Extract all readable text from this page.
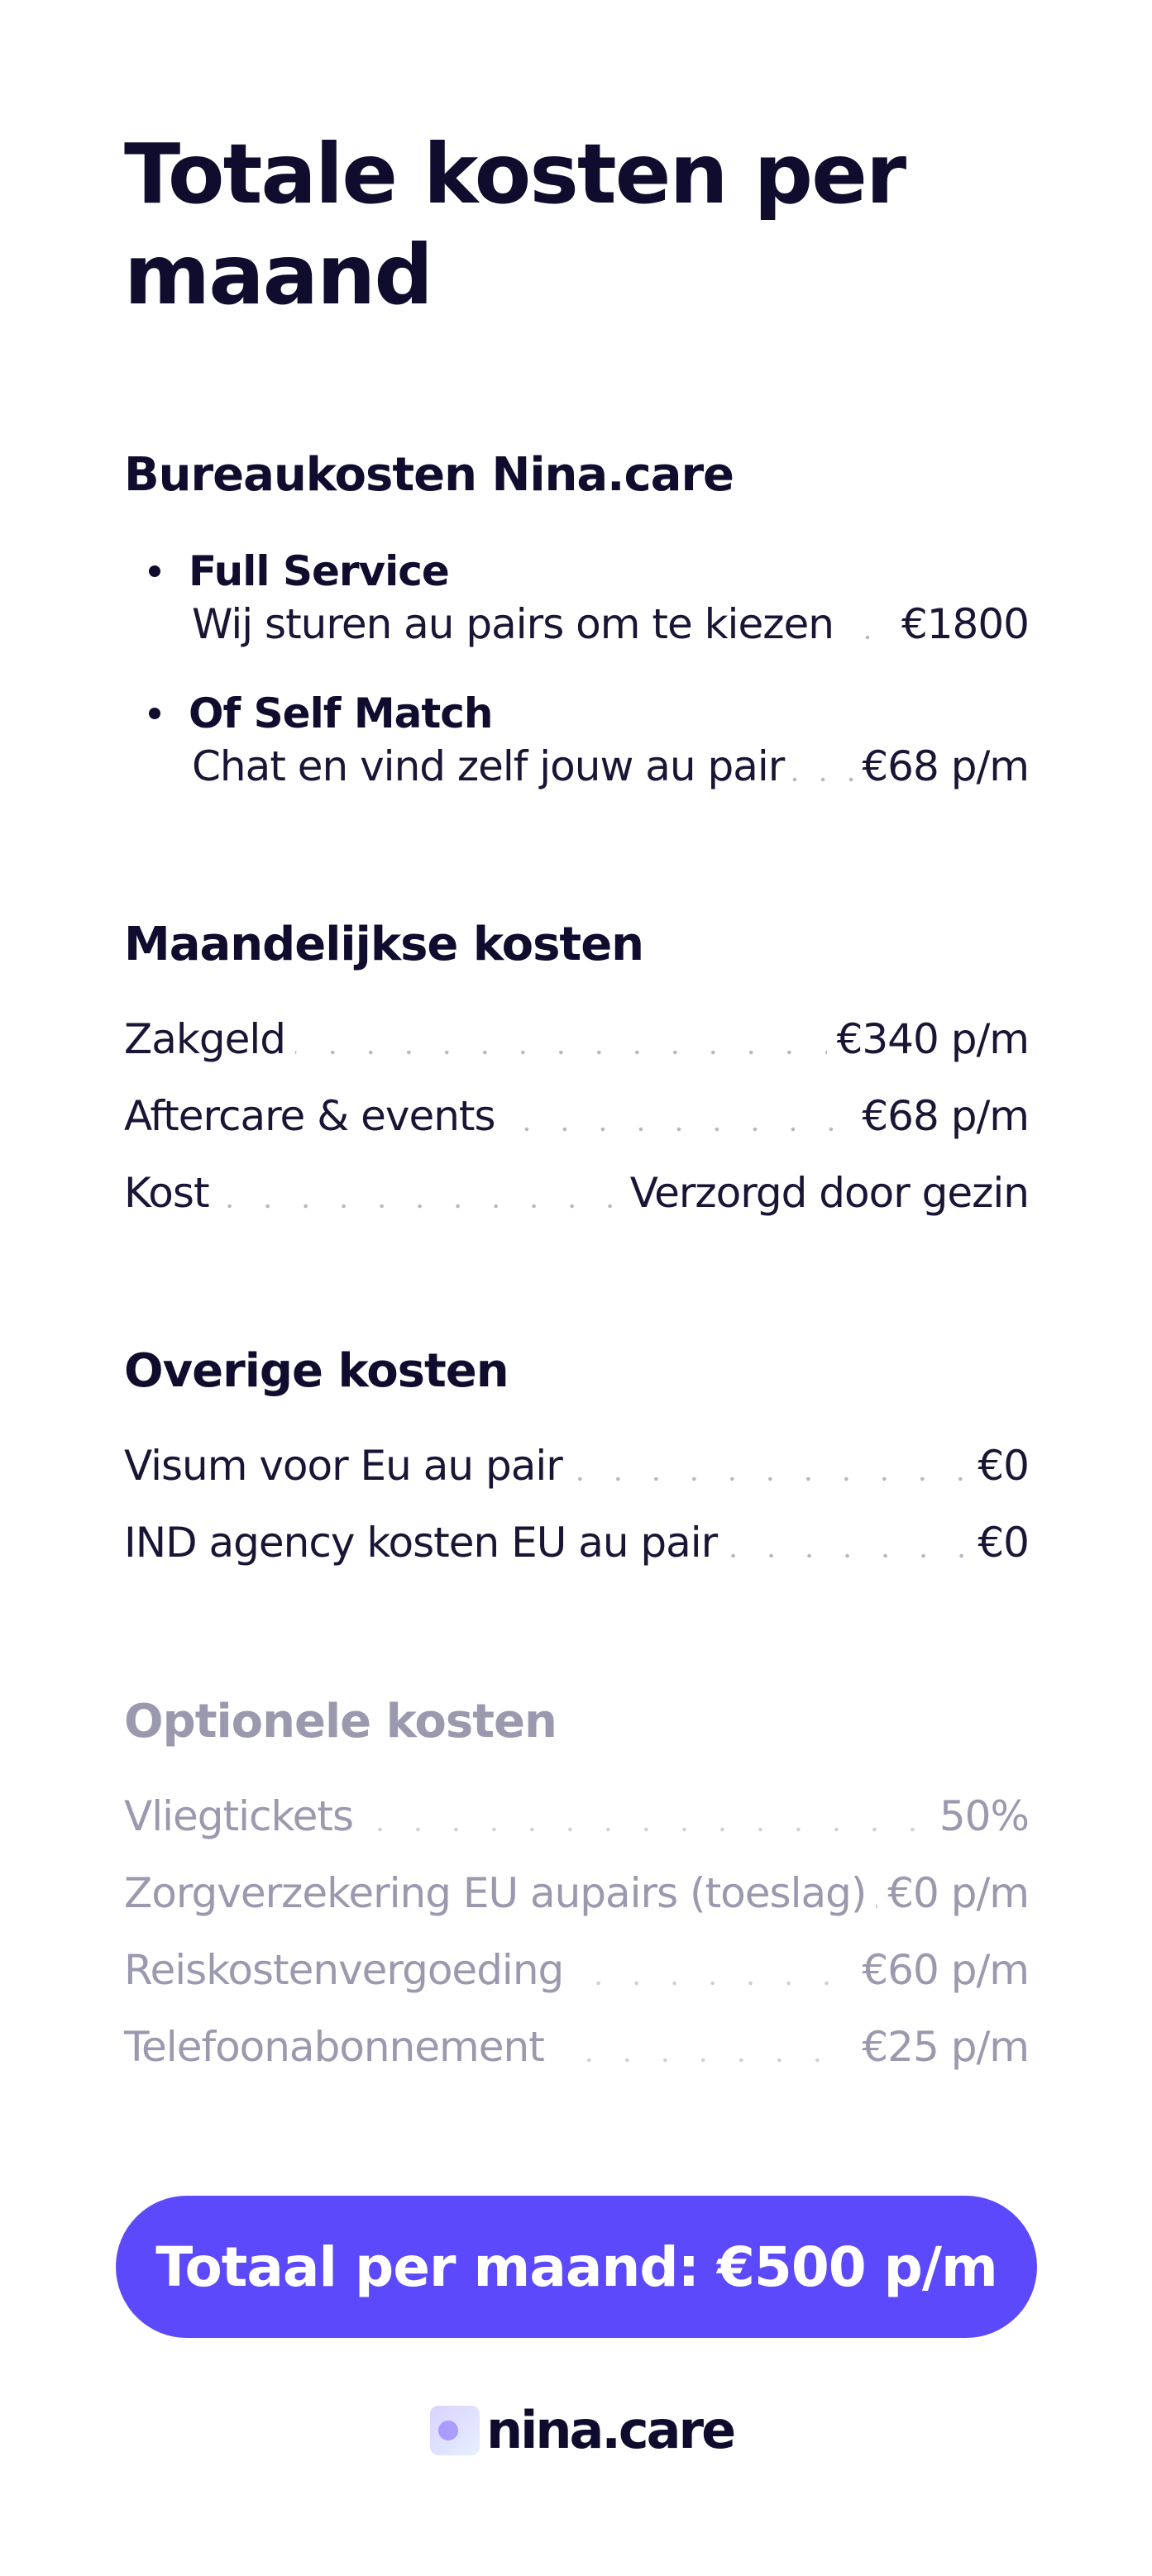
Totale kosten per maand
Bureaukosten Nina.care
Full Service
Wij sturen au pairs om te kiezen €1800
Of Self Match
Chat en vind zelf jouw au pair €68 p/m
Maandelijkse kosten
Zakgeld	€340 p/m
Aftercare & events	€68 p/m
Kost	Verzorgd door gezin
Overige kosten
Visum voor Eu au pair	€0
IND agency kosten EU au pair	€0
Optionele kosten
Vliegtickets	50%
Zorgverzekering EU aupairs (toeslag) €0 p/m
Reiskostenvergoeding	€60 p/m
Telefoonabonnement	€25 p/m
Totaal per maand: €500 p/m
nina.care
